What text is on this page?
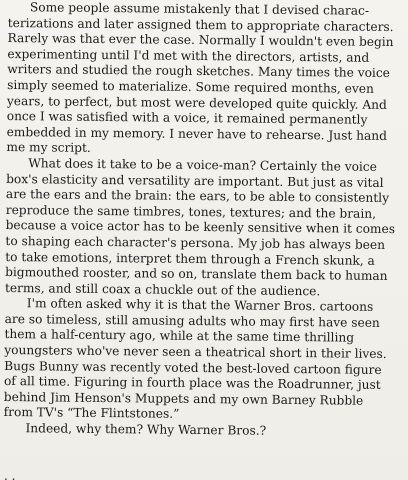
Some people assume mistakenly that I devised charac-
terizations and later assigned them to appropriate characters.
Rarely was that ever the case. Normally I wouldn't even begin
experimenting until I'd met with the directors, artists, and
writers and studied the rough sketches. Many times the voice
simply seemed to materialize. Some required months, even
years, to perfect, but most were developed quite quickly. And
once I was satisfied with a voice, it remained permanently
embedded in my memory. I never have to rehearse. Just hand
me my script.
What does it take to be a voice-man? Certainly the voice
box's elasticity and versatility are important. But just as vital
are the ears and the brain: the ears, to be able to consistently
reproduce the same timbres, tones, textures; and the brain,
because a voice actor has to be keenly sensitive when it comes
to shaping each character's persona. My job has always been
to take emotions, interpret them through a French skunk, a
bigmouthed rooster, and so on, translate them back to human
terms, and still coax a chuckle out of the audience.
I'm often asked why it is that the Warner Bros. cartoons
are so timeless, still amusing adults who may first have seen
them a half-century ago, while at the same time thrilling
youngsters who've never seen a theatrical short in their lives.
Bugs Bunny was recently voted the best-loved cartoon figure
of all time. Figuring in fourth place was the Roadrunner, just
behind Jim Henson's Muppets and my own Barney Rubble
from TV's “The Flintstones.”
Indeed, why them? Why Warner Bros.?
. .
